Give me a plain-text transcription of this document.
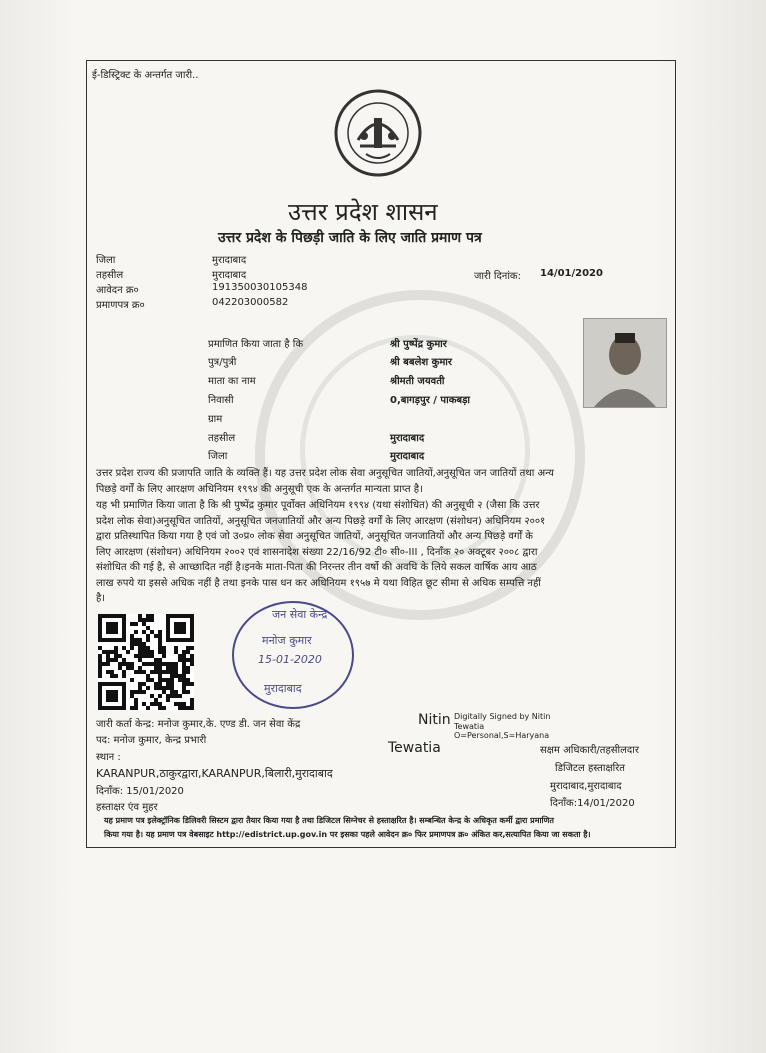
ई-डिस्ट्रिक्ट के अन्तर्गत जारी..
उत्तर प्रदेश शासन
उत्तर प्रदेश के पिछड़ी जाति के लिए जाति प्रमाण पत्र
जिला	मुरादाबाद
तहसील	मुरादाबाद
आवेदन क्र०	191350030105348
प्रमाणपत्र क्र०	042203000582
जारी दिनांक: 14/01/2020
प्रमाणित किया जाता है कि	श्री पुष्पेंद्र कुमार
पुत्र/पुत्री	श्री बबलेश कुमार
माता का नाम	श्रीमती जयवती
निवासी	0,बागड़पुर / पाकबड़ा
ग्राम
तहसील	मुरादाबाद
जिला	मुरादाबाद
उत्तर प्रदेश राज्य की प्रजापति जाति के व्यक्ति हैं। यह उत्तर प्रदेश लोक सेवा अनुसूचित जातियों,अनुसूचित जन जातियों तथा अन्य
पिछड़े वर्गों के लिए आरक्षण अधिनियम १९९४ की अनुसूची एक के अन्तर्गत मान्यता प्राप्त है।
यह भी प्रमाणित किया जाता है कि श्री पुष्पेंद्र कुमार पूर्वोक्त अधिनियम १९९४ (यथा संशोधित) की अनुसूची २ (जैसा कि उत्तर
प्रदेश लोक सेवा)अनुसूचित जातियों, अनुसूचित जनजातियों और अन्य पिछड़े वर्गों के लिए आरक्षण (संशोधन) अधिनियम २००१
द्वारा प्रतिस्थापित किया गया है एवं जो उ०प्र० लोक सेवा अनुसूचित जातियों, अनुसूचित जनजातियों और अन्य पिछड़े वर्गों के
लिए आरक्षण (संशोधन) अधिनियम २००२ एवं शासनादेश संख्या 22/16/92 टी० सी०-III , दिनाँक २० अक्टूबर २००८ द्वारा
संशोधित की गई है, से आच्छादित नहीं है।इनके माता-पिता की निरन्तर तीन वर्षो की अवधि के लिये सकल वार्षिक आय आठ
लाख रुपये या इससे अधिक नहीं है तथा इनके पास धन कर अधिनियम १९५७ मे यथा विहित छूट सीमा से अधिक सम्पत्ति नहीं
है।
जन सेवा केन्द्र
मनोज कुमार
15-01-2020
मुरादाबाद
जारी कर्ता केन्द्र: मनोज कुमार,के. एण्ड डी. जन सेवा केंद्र
पद: मनोज कुमार, केन्द्र प्रभारी
स्थान :
KARANPUR,ठाकुरद्वारा,KARANPUR,बिलारी,मुरादाबाद
दिनाँक: 15/01/2020
हस्ताक्षर एंव मुहर
Nitin
Tewatia
Digitally Signed by Nitin
Tewatia
O=Personal,S=Haryana
सक्षम अधिकारी/तहसीलदार
डिजिटल हस्ताक्षरित
मुरादाबाद,मुरादाबाद
दिनाँक:14/01/2020
यह प्रमाण पत्र इलेक्ट्रॉनिक डिलिवरी सिस्टम द्वारा तैयार किया गया है तथा डिजिटल सिग्नेचर से हस्ताक्षरित है। सम्बन्धित केन्द्र के अधिकृत कर्मी द्वारा प्रमाणित
किया गया है। यह प्रमाण पत्र वेबसाइट http://edistrict.up.gov.in पर इसका पहले आवेदन क्र० फिर प्रमाणपत्र क्र० अंकित कर,सत्यापित किया जा सकता है।
